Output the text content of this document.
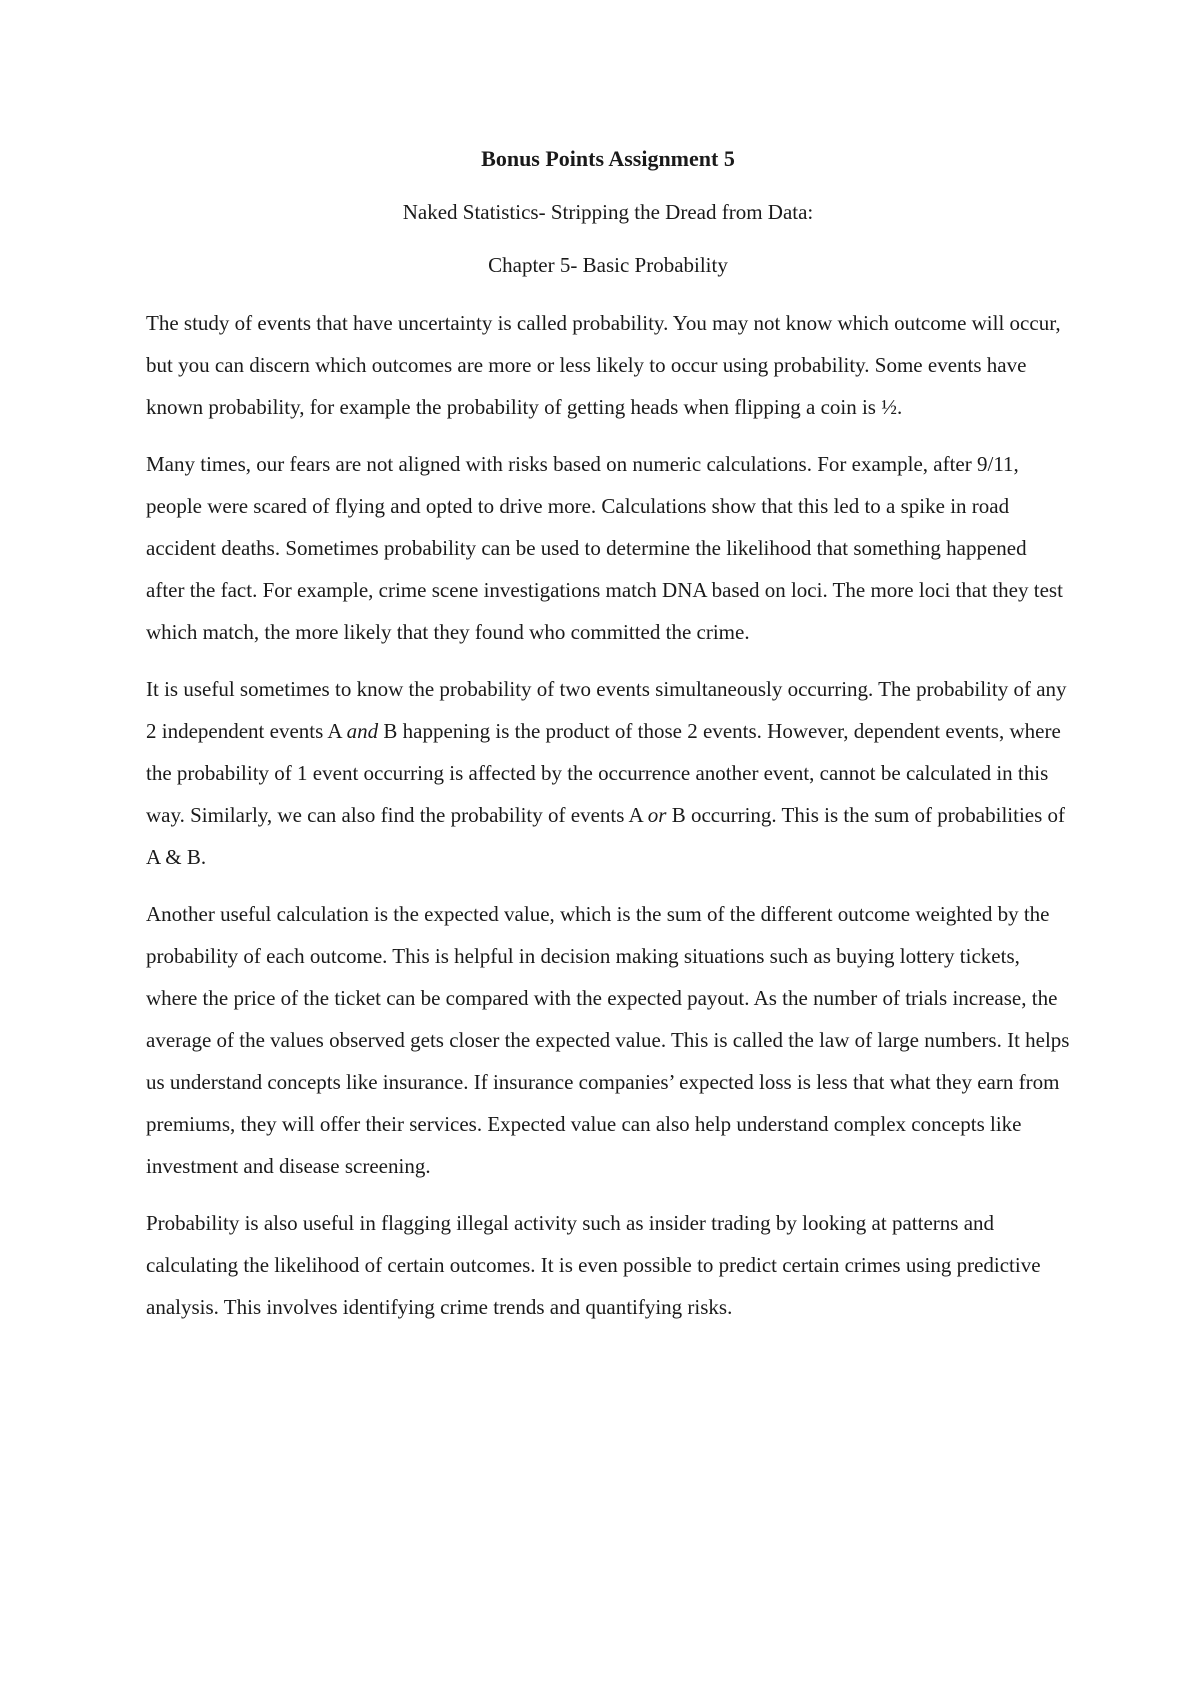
Bonus Points Assignment 5
Naked Statistics- Stripping the Dread from Data:
Chapter 5- Basic Probability

The study of events that have uncertainty is called probability. You may not know which outcome will occur, but you can discern which outcomes are more or less likely to occur using probability. Some events have known probability, for example the probability of getting heads when flipping a coin is ½.

Many times, our fears are not aligned with risks based on numeric calculations. For example, after 9/11, people were scared of flying and opted to drive more. Calculations show that this led to a spike in road accident deaths. Sometimes probability can be used to determine the likelihood that something happened after the fact. For example, crime scene investigations match DNA based on loci. The more loci that they test which match, the more likely that they found who committed the crime.

It is useful sometimes to know the probability of two events simultaneously occurring. The probability of any 2 independent events A and B happening is the product of those 2 events. However, dependent events, where the probability of 1 event occurring is affected by the occurrence another event, cannot be calculated in this way. Similarly, we can also find the probability of events A or B occurring. This is the sum of probabilities of A & B.

Another useful calculation is the expected value, which is the sum of the different outcome weighted by the probability of each outcome. This is helpful in decision making situations such as buying lottery tickets, where the price of the ticket can be compared with the expected payout. As the number of trials increase, the average of the values observed gets closer the expected value. This is called the law of large numbers. It helps us understand concepts like insurance. If insurance companies’ expected loss is less that what they earn from premiums, they will offer their services. Expected value can also help understand complex concepts like investment and disease screening.

Probability is also useful in flagging illegal activity such as insider trading by looking at patterns and calculating the likelihood of certain outcomes. It is even possible to predict certain crimes using predictive analysis. This involves identifying crime trends and quantifying risks.
